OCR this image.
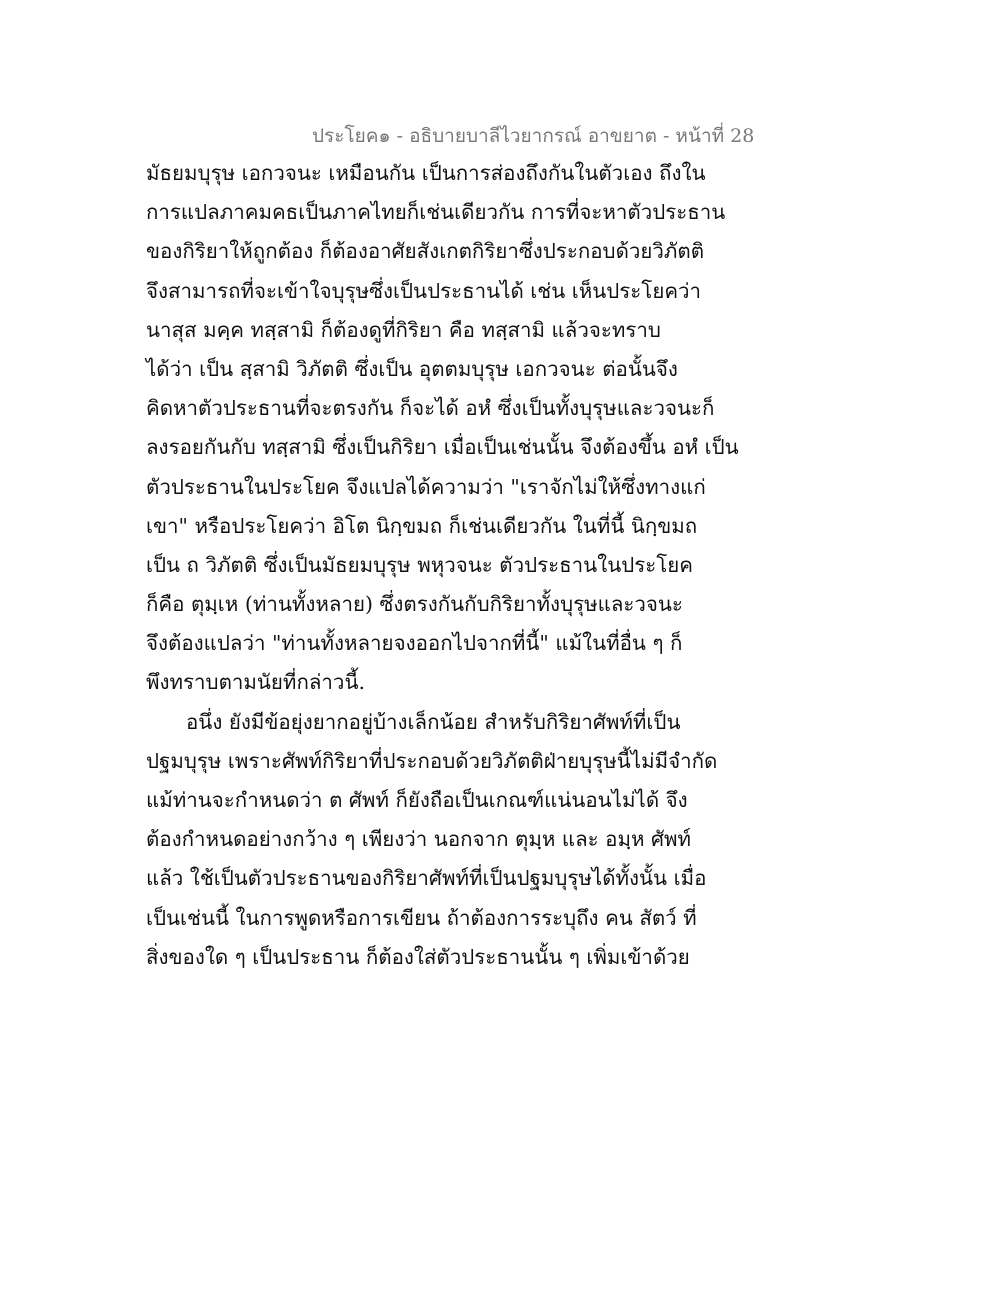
ประโยค๑ - อธิบายบาลีไวยากรณ์ อาขยาต - หน้าที่ 28
มัธยมบุรุษ เอกวจนะ เหมือนกัน เป็นการส่องถึงกันในตัวเอง ถึงใน
การแปลภาคมคธเป็นภาคไทยก็เช่นเดียวกัน การที่จะหาตัวประธาน
ของกิริยาให้ถูกต้อง ก็ต้องอาศัยสังเกตกิริยาซึ่งประกอบด้วยวิภัตติ
จึงสามารถที่จะเข้าใจบุรุษซึ่งเป็นประธานได้ เช่น เห็นประโยคว่า
นาสุส มคฺค ทสฺสามิ ก็ต้องดูที่กิริยา คือ ทสฺสามิ แล้วจะทราบ
ได้ว่า เป็น สฺสามิ วิภัตติ ซึ่งเป็น อุตตมบุรุษ เอกวจนะ ต่อนั้นจึง
คิดหาตัวประธานที่จะตรงกัน ก็จะได้ อหํ ซึ่งเป็นทั้งบุรุษและวจนะก็
ลงรอยกันกับ ทสฺสามิ ซึ่งเป็นกิริยา เมื่อเป็นเช่นนั้น จึงต้องขึ้น อหํ เป็น
ตัวประธานในประโยค จึงแปลได้ความว่า "เราจักไม่ให้ซึ่งทางแก่
เขา" หรือประโยคว่า อิโต นิกฺขมถ ก็เช่นเดียวกัน ในที่นี้ นิกฺขมถ
เป็น ถ วิภัตติ ซึ่งเป็นมัธยมบุรุษ พหุวจนะ ตัวประธานในประโยค
ก็คือ ตุมฺเห (ท่านทั้งหลาย) ซึ่งตรงกันกับกิริยาทั้งบุรุษและวจนะ
จึงต้องแปลว่า "ท่านทั้งหลายจงออกไปจากที่นี้" แม้ในที่อื่น ๆ ก็
พึงทราบตามนัยที่กล่าวนี้.
อนึ่ง ยังมีข้อยุ่งยากอยู่บ้างเล็กน้อย สำหรับกิริยาศัพท์ที่เป็น
ปฐมบุรุษ เพราะศัพท์กิริยาที่ประกอบด้วยวิภัตติฝ่ายบุรุษนี้ไม่มีจำกัด
แม้ท่านจะกำหนดว่า ต ศัพท์ ก็ยังถือเป็นเกณฑ์แน่นอนไม่ได้ จึง
ต้องกำหนดอย่างกว้าง ๆ เพียงว่า นอกจาก ตุมฺห และ อมฺห ศัพท์
แล้ว ใช้เป็นตัวประธานของกิริยาศัพท์ที่เป็นปฐมบุรุษได้ทั้งนั้น เมื่อ
เป็นเช่นนี้ ในการพูดหรือการเขียน ถ้าต้องการระบุถึง คน สัตว์ ที่
สิ่งของใด ๆ เป็นประธาน ก็ต้องใส่ตัวประธานนั้น ๆ เพิ่มเข้าด้วย
